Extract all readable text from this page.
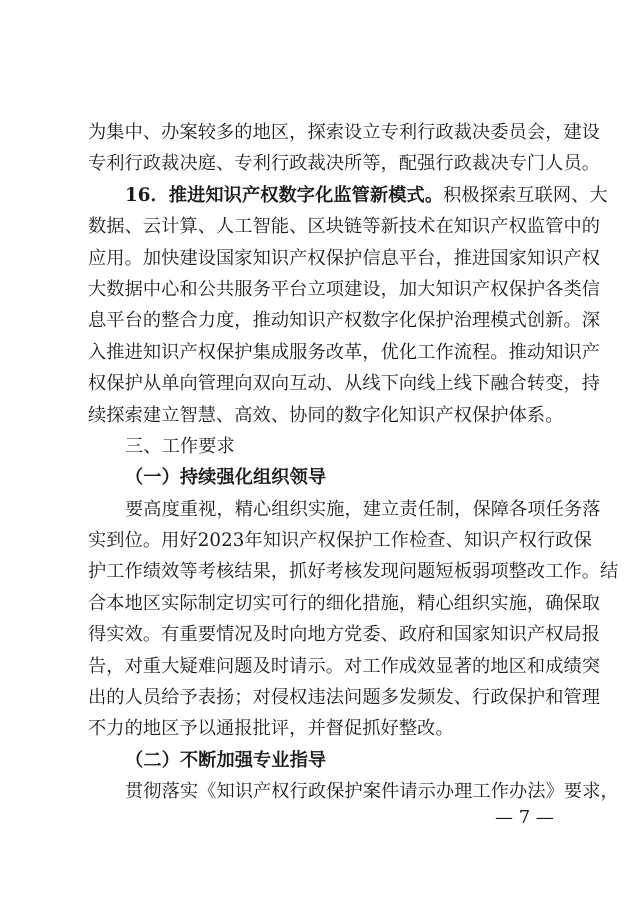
为集中、办案较多的地区，探索设立专利行政裁决委员会，建设
专利行政裁决庭、专利行政裁决所等，配强行政裁决专门人员。
16．推进知识产权数字化监管新模式。积极探索互联网、大
数据、云计算、人工智能、区块链等新技术在知识产权监管中的
应用。加快建设国家知识产权保护信息平台，推进国家知识产权
大数据中心和公共服务平台立项建设，加大知识产权保护各类信
息平台的整合力度，推动知识产权数字化保护治理模式创新。深
入推进知识产权保护集成服务改革，优化工作流程。推动知识产
权保护从单向管理向双向互动、从线下向线上线下融合转变，持
续探索建立智慧、高效、协同的数字化知识产权保护体系。
三、工作要求
（一）持续强化组织领导
要高度重视，精心组织实施，建立责任制，保障各项任务落
实到位。用好2023年知识产权保护工作检查、知识产权行政保
护工作绩效等考核结果，抓好考核发现问题短板弱项整改工作。结
合本地区实际制定切实可行的细化措施，精心组织实施，确保取
得实效。有重要情况及时向地方党委、政府和国家知识产权局报
告，对重大疑难问题及时请示。对工作成效显著的地区和成绩突
出的人员给予表扬；对侵权违法问题多发频发、行政保护和管理
不力的地区予以通报批评，并督促抓好整改。
（二）不断加强专业指导
贯彻落实《知识产权行政保护案件请示办理工作办法》要求，
— 7 —
